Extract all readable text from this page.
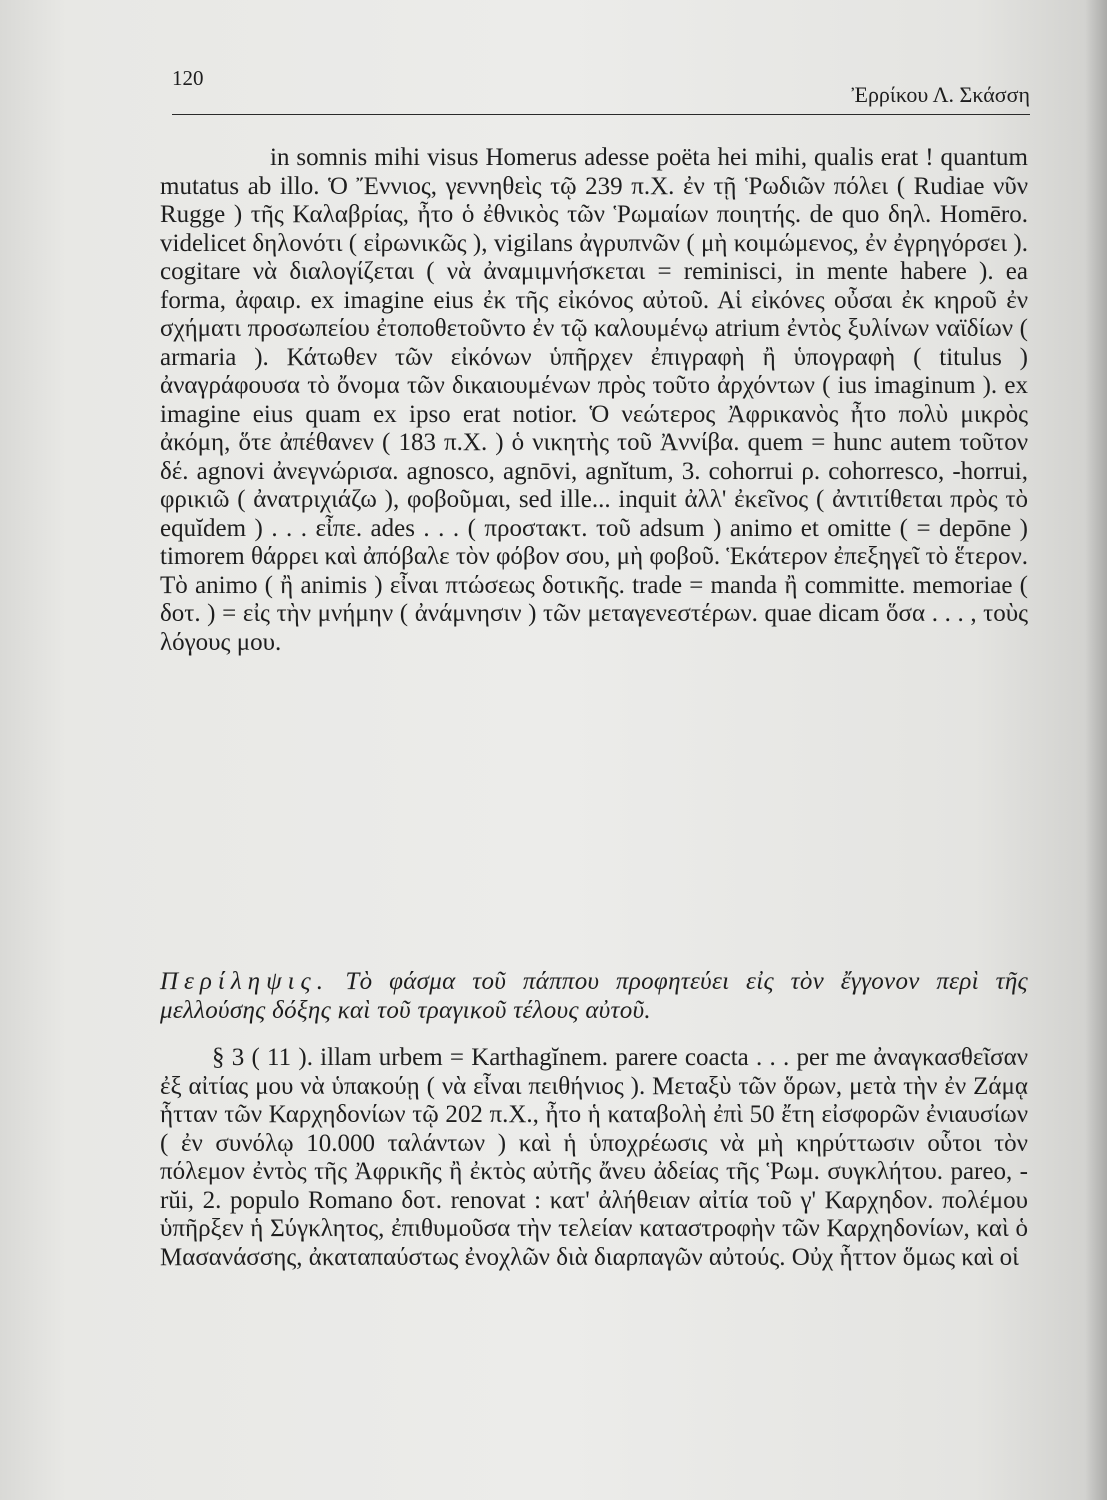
120
Ἐρρίκου Λ. Σκάσση

in somnis mihi visus Homerus adesse poëta hei mihi, qualis erat ! quantum mutatus ab illo. Ὁ Ἔννιος, γεννηθεὶς τῷ 239 π.Χ. ἐν τῇ Ῥωδιῶν πόλει ( Rudiae νῦν Rugge ) τῆς Καλαβρίας, ἦτο ὁ ἐθνικὸς τῶν Ῥωμαίων ποιητής. de quo δηλ. Homēro. videlicet δηλονότι ( εἰρωνικῶς ), vigilans ἀγρυπνῶν ( μὴ κοιμώμενος, ἐν ἐγρηγόρσει ). cogitare νὰ διαλογίζεται ( νὰ ἀναμιμνήσκεται = reminisci, in mente habere ). ea forma, ἀφαιρ. ex imagine eius ἐκ τῆς εἰκόνος αὐτοῦ. Αἱ εἰκόνες οὖσαι ἐκ κηροῦ ἐν σχήματι προσωπείου ἐτοποθετοῦντο ἐν τῷ καλουμένῳ atrium ἐντὸς ξυλίνων ναϊδίων ( armaria ). Κάτωθεν τῶν εἰκόνων ὑπῆρχεν ἐπιγραφὴ ἢ ὑπογραφὴ ( titulus ) ἀναγράφουσα τὸ ὄνομα τῶν δικαιουμένων πρὸς τοῦτο ἀρχόντων ( ius imaginum ). ex imagine eius quam ex ipso erat notior. Ὁ νεώτερος Ἀφρικανὸς ἦτο πολὺ μικρὸς ἀκόμη, ὅτε ἀπέθανεν ( 183 π.Χ. ) ὁ νικητὴς τοῦ Ἀννίβα. quem = hunc autem τοῦτον δέ. agnovi ἀνεγνώρισα. agnosco, agnōvi, agnĭtum, 3. cohorrui ρ. cohorresco, -horrui, φρικιῶ ( ἀνατριχιάζω ), φοβοῦμαι, sed ille... inquit ἀλλ' ἐκεῖνος ( ἀντιτίθεται πρὸς τὸ equĭdem ) . . . εἶπε. ades . . . ( προστακτ. τοῦ adsum ) animo et omitte ( = depōne ) timorem θάρρει καὶ ἀπόβαλε τὸν φόβον σου, μὴ φοβοῦ. Ἑκάτερον ἐπεξηγεῖ τὸ ἕτερον. Τὸ animo ( ἢ animis ) εἶναι πτώσεως δοτικῆς. trade = manda ἢ committe. memoriae ( δοτ. ) = εἰς τὴν μνήμην ( ἀνάμνησιν ) τῶν μεταγενεστέρων. quae dicam ὅσα . . . , τοὺς λόγους μου.

Περίληψις. Τὸ φάσμα τοῦ πάππου προφητεύει εἰς τὸν ἔγγονον περὶ τῆς μελλούσης δόξης καὶ τοῦ τραγικοῦ τέλους αὐτοῦ.

§ 3 ( 11 ). illam urbem = Karthagĭnem. parere coacta . . . per me ἀναγκασθεῖσαν ἐξ αἰτίας μου νὰ ὑπακούῃ ( νὰ εἶναι πειθήνιος ). Μεταξὺ τῶν ὅρων, μετὰ τὴν ἐν Ζάμᾳ ἧτταν τῶν Καρχηδονίων τῷ 202 π.Χ., ἦτο ἡ καταβολὴ ἐπὶ 50 ἔτη εἰσφορῶν ἐνιαυσίων ( ἐν συνόλῳ 10.000 ταλάντων ) καὶ ἡ ὑποχρέωσις νὰ μὴ κηρύττωσιν οὗτοι τὸν πόλεμον ἐντὸς τῆς Ἀφρικῆς ἢ ἐκτὸς αὐτῆς ἄνευ ἀδείας τῆς Ῥωμ. συγκλήτου. pareo, -rŭi, 2. populo Romano δοτ. renovat : κατ' ἀλήθειαν αἰτία τοῦ γ' Καρχηδον. πολέμου ὑπῆρξεν ἡ Σύγκλητος, ἐπιθυμοῦσα τὴν τελείαν καταστροφὴν τῶν Καρχηδονίων, καὶ ὁ Μασανάσσης, ἀκαταπαύστως ἐνοχλῶν διὰ διαρπαγῶν αὐτούς. Οὐχ ἧττον ὅμως καὶ οἱ
